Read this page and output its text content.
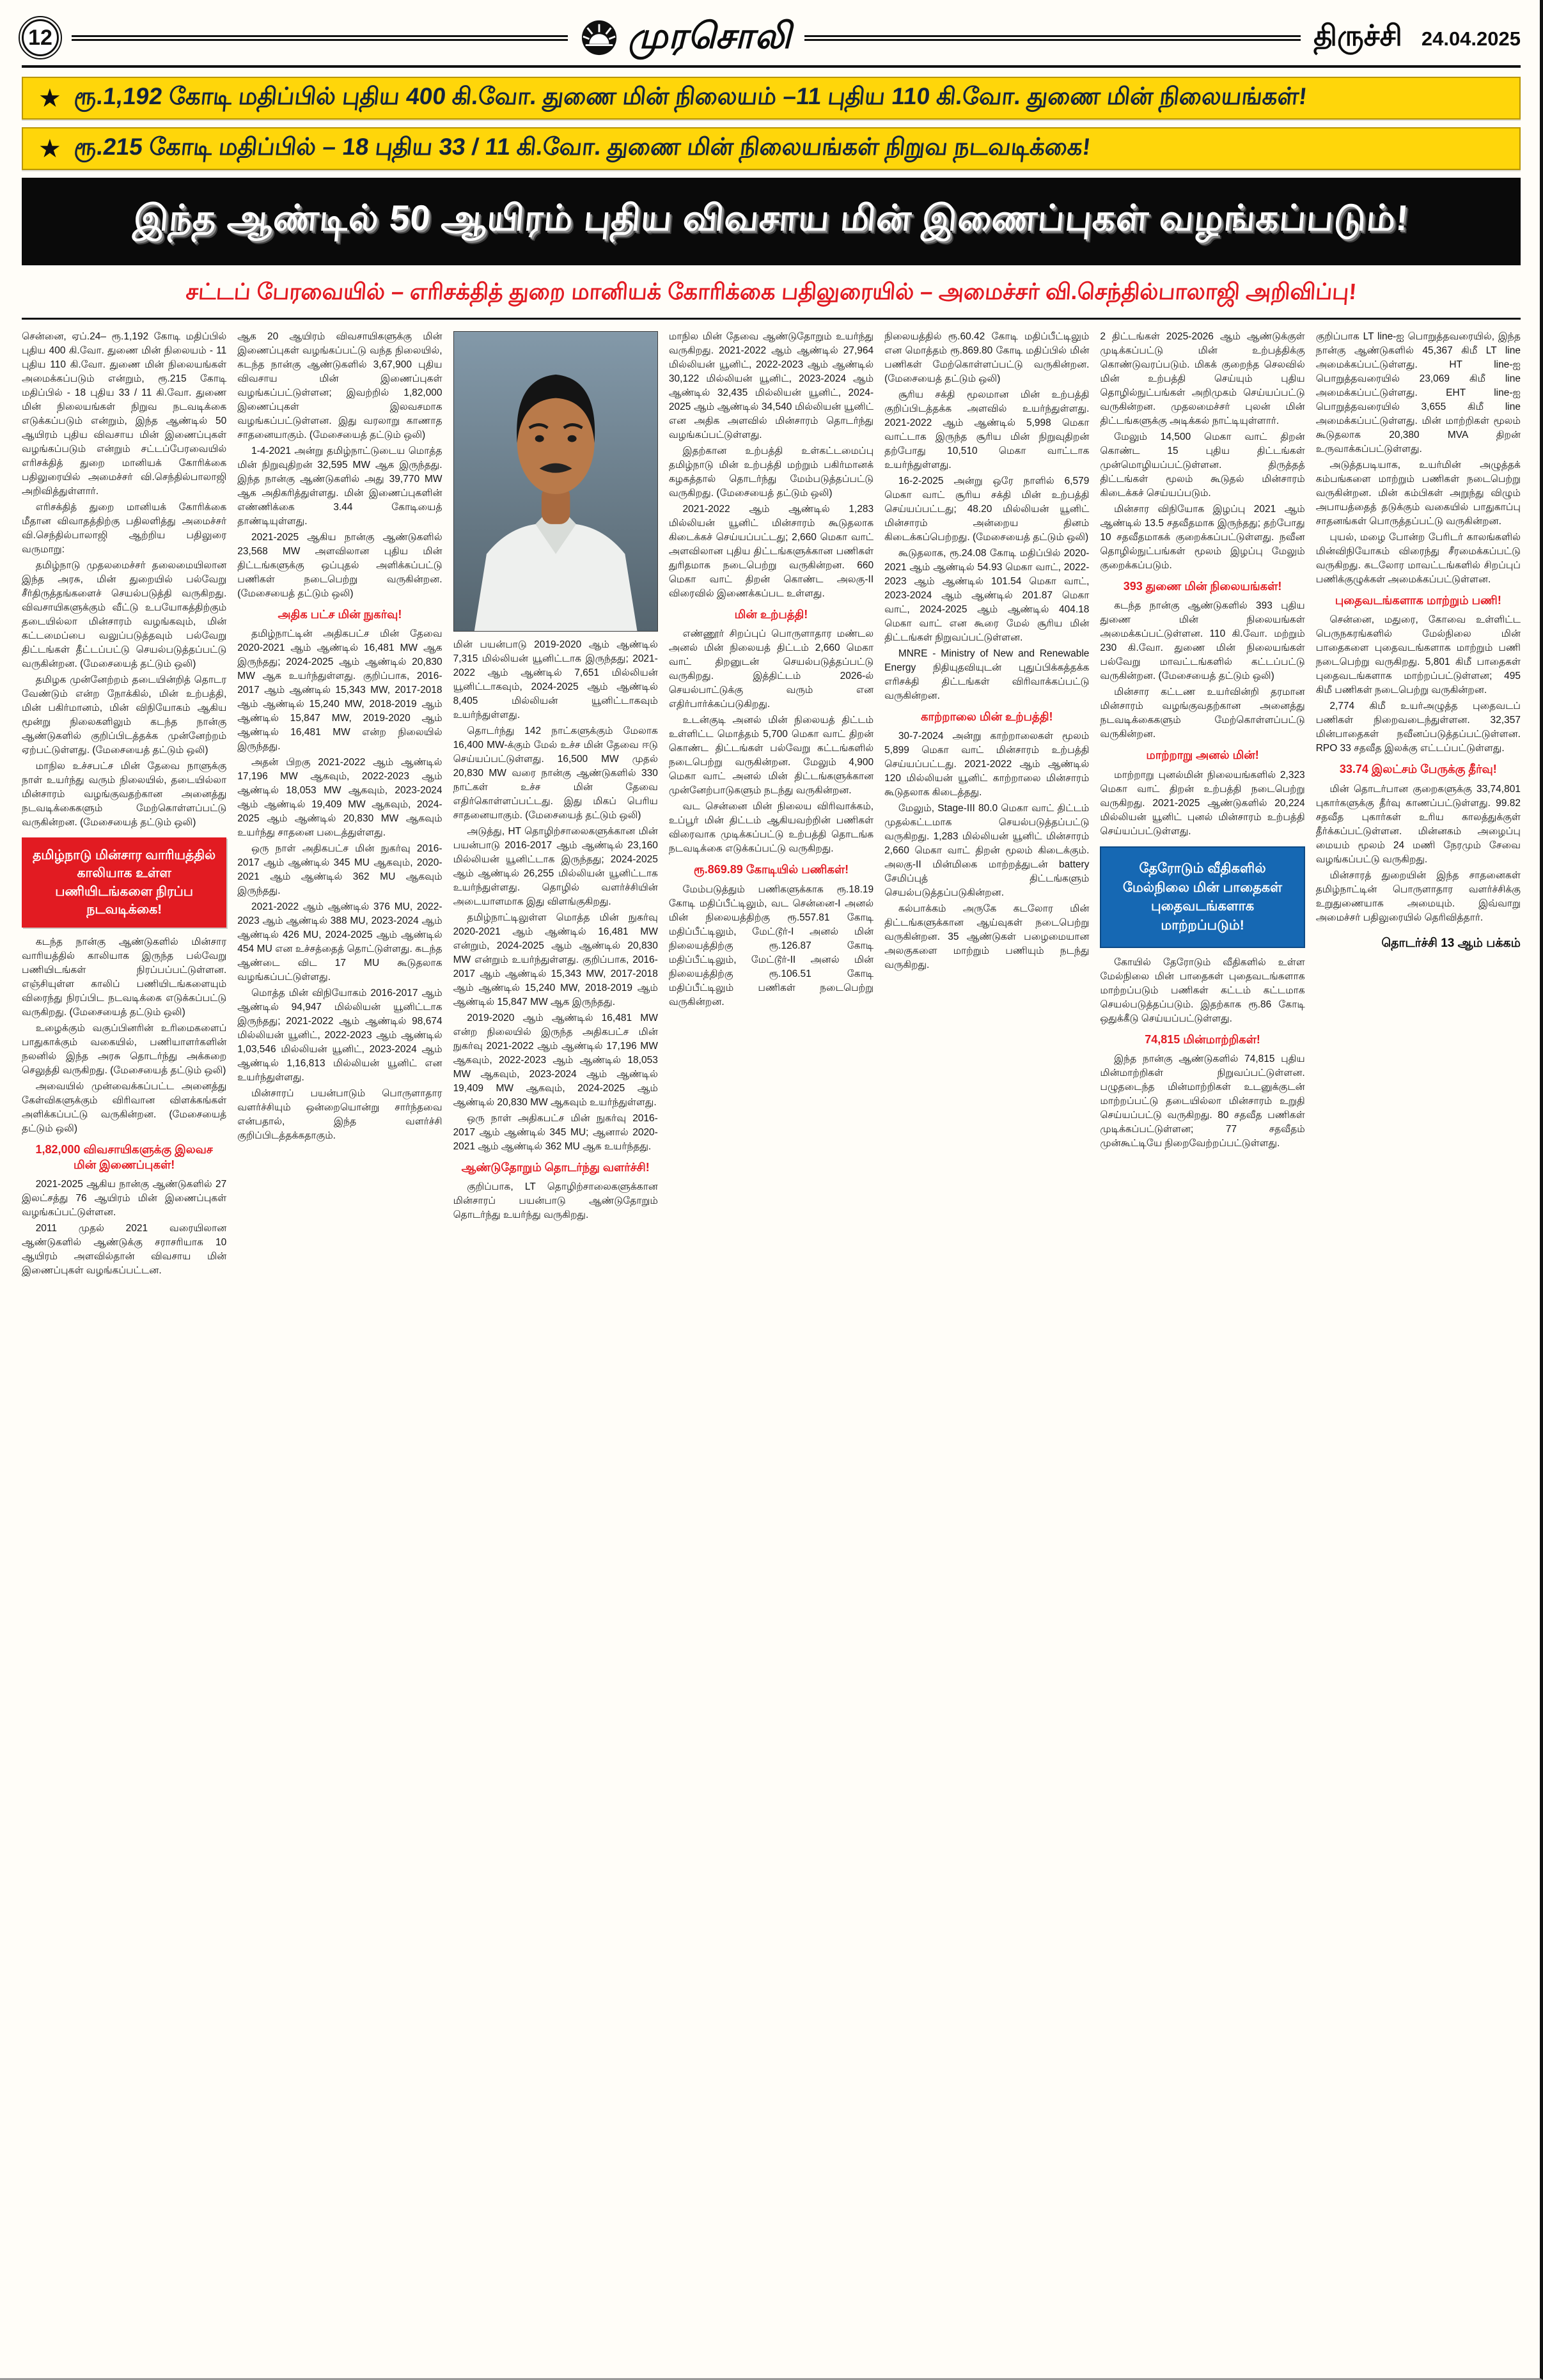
12	முரசொலி	திருச்சி 24.04.2025
★ ரூ.1,192 கோடி மதிப்பில் புதிய 400 கி.வோ. துணை மின் நிலையம் –11 புதிய 110 கி.வோ. துணை மின் நிலையங்கள்!
★ ரூ.215 கோடி மதிப்பில் – 18 புதிய 33 / 11 கி.வோ. துணை மின் நிலையங்கள் நிறுவ நடவடிக்கை!
இந்த ஆண்டில் 50 ஆயிரம் புதிய விவசாய மின் இணைப்புகள் வழங்கப்படும்!
சட்டப் பேரவையில் – எரிசக்தித் துறை மானியக் கோரிக்கை பதிலுரையில் – அமைச்சர் வி.செந்தில்பாலாஜி அறிவிப்பு!

சென்னை, ஏப்.24– ரூ.1,192 கோடி மதிப்பில் புதிய 400 கி.வோ. துணை மின் நிலையம் - 11 புதிய 110 கி.வோ. துணை மின் நிலையங்கள் அமைக்கப்படும் என்றும், ரூ.215 கோடி மதிப்பில் - 18 புதிய 33 / 11 கி.வோ. துணை மின் நிலையங்கள் நிறுவ நடவடிக்கை எடுக்கப்படும் என்றும், இந்த ஆண்டில் 50 ஆயிரம் புதிய விவசாய மின் இணைப்புகள் வழங்கப்படும் என்றும் சட்டப்பேரவையில் எரிசக்தித் துறை மானியக் கோரிக்கை பதிலுரையில் அமைச்சர் வி.செந்தில்பாலாஜி அறிவித்துள்ளார்.

எரிசக்தித் துறை மானியக் கோரிக்கை மீதான விவாதத்திற்கு பதிலளித்து அமைச்சர் வி.செந்தில்பாலாஜி ஆற்றிய பதிலுரை வருமாறு:

தமிழ்நாடு முதலமைச்சர் தலைமையிலான இந்த அரசு, மின் துறையில் பல்வேறு சீர்திருத்தங்களைச் செயல்படுத்தி வருகிறது. விவசாயிகளுக்கும் வீட்டு உபயோகத்திற்கும் தடையில்லா மின்சாரம் வழங்கவும், மின் கட்டமைப்பை வலுப்படுத்தவும் பல்வேறு திட்டங்கள் தீட்டப்பட்டு செயல்படுத்தப்பட்டு வருகின்றன. (மேசையைத் தட்டும் ஒலி)

தமிழக முன்னேற்றம் தடையின்றித் தொடர வேண்டும் என்ற நோக்கில், மின் உற்பத்தி, மின் பகிர்மானம், மின் விநியோகம் ஆகிய மூன்று நிலைகளிலும் கடந்த நான்கு ஆண்டுகளில் குறிப்பிடத்தக்க முன்னேற்றம் ஏற்பட்டுள்ளது. (மேசையைத் தட்டும் ஒலி)

மாநில உச்சபட்ச மின் தேவை நாளுக்கு நாள் உயர்ந்து வரும் நிலையில், தடையில்லா மின்சாரம் வழங்குவதற்கான அனைத்து நடவடிக்கைகளும் மேற்கொள்ளப்பட்டு வருகின்றன. (மேசையைத் தட்டும் ஒலி)

தமிழ்நாடு மின்சார வாரியத்தில் காலியாக உள்ள பணியிடங்களை நிரப்ப நடவடிக்கை!

கடந்த நான்கு ஆண்டுகளில் மின்சார வாரியத்தில் காலியாக இருந்த பல்வேறு பணியிடங்கள் நிரப்பப்பட்டுள்ளன. எஞ்சியுள்ள காலிப் பணியிடங்களையும் விரைந்து நிரப்பிட நடவடிக்கை எடுக்கப்பட்டு வருகிறது. (மேசையைத் தட்டும் ஒலி)

உழைக்கும் வகுப்பினரின் உரிமைகளைப் பாதுகாக்கும் வகையில், பணியாளர்களின் நலனில் இந்த அரசு தொடர்ந்து அக்கறை செலுத்தி வருகிறது. (மேசையைத் தட்டும் ஒலி)

அவையில் முன்வைக்கப்பட்ட அனைத்து கேள்விகளுக்கும் விரிவான விளக்கங்கள் அளிக்கப்பட்டு வருகின்றன. (மேசையைத் தட்டும் ஒலி)

1,82,000 விவசாயிகளுக்கு இலவச மின் இணைப்புகள்!

2021-2025 ஆகிய நான்கு ஆண்டுகளில் 27 இலட்சத்து 76 ஆயிரம் மின் இணைப்புகள் வழங்கப்பட்டுள்ளன.

2011 முதல் 2021 வரையிலான ஆண்டுகளில் ஆண்டுக்கு சராசரியாக 10 ஆயிரம் அளவில்தான் விவசாய மின் இணைப்புகள் வழங்கப்பட்டன.

ஆக 20 ஆயிரம் விவசாயிகளுக்கு மின் இணைப்புகள் வழங்கப்பட்டு வந்த நிலையில், கடந்த நான்கு ஆண்டுகளில் 3,67,900 புதிய விவசாய மின் இணைப்புகள் வழங்கப்பட்டுள்ளன; இவற்றில் 1,82,000 இணைப்புகள் இலவசமாக வழங்கப்பட்டுள்ளன. இது வரலாறு காணாத சாதனையாகும். (மேசையைத் தட்டும் ஒலி)

1-4-2021 அன்று தமிழ்நாட்டுடைய மொத்த மின் நிறுவுதிறன் 32,595 MW ஆக இருந்தது. இந்த நான்கு ஆண்டுகளில் அது 39,770 MW ஆக அதிகரித்துள்ளது. மின் இணைப்புகளின் எண்ணிக்கை 3.44 கோடியைத் தாண்டியுள்ளது.

2021-2025 ஆகிய நான்கு ஆண்டுகளில் 23,568 MW அளவிலான புதிய மின் திட்டங்களுக்கு ஒப்புதல் அளிக்கப்பட்டு பணிகள் நடைபெற்று வருகின்றன. (மேசையைத் தட்டும் ஒலி)

அதிக பட்ச மின் நுகர்வு!

தமிழ்நாட்டின் அதிகபட்ச மின் தேவை 2020-2021 ஆம் ஆண்டில் 16,481 MW ஆக இருந்தது; 2024-2025 ஆம் ஆண்டில் 20,830 MW ஆக உயர்ந்துள்ளது. குறிப்பாக, 2016-2017 ஆம் ஆண்டில் 15,343 MW, 2017-2018 ஆம் ஆண்டில் 15,240 MW, 2018-2019 ஆம் ஆண்டில் 15,847 MW, 2019-2020 ஆம் ஆண்டில் 16,481 MW என்ற நிலையில் இருந்தது.

அதன் பிறகு 2021-2022 ஆம் ஆண்டில் 17,196 MW ஆகவும், 2022-2023 ஆம் ஆண்டில் 18,053 MW ஆகவும், 2023-2024 ஆம் ஆண்டில் 19,409 MW ஆகவும், 2024-2025 ஆம் ஆண்டில் 20,830 MW ஆகவும் உயர்ந்து சாதனை படைத்துள்ளது.

ஒரு நாள் அதிகபட்ச மின் நுகர்வு 2016-2017 ஆம் ஆண்டில் 345 MU ஆகவும், 2020-2021 ஆம் ஆண்டில் 362 MU ஆகவும் இருந்தது.

2021-2022 ஆம் ஆண்டில் 376 MU, 2022-2023 ஆம் ஆண்டில் 388 MU, 2023-2024 ஆம் ஆண்டில் 426 MU, 2024-2025 ஆம் ஆண்டில் 454 MU என உச்சத்தைத் தொட்டுள்ளது. கடந்த ஆண்டை விட 17 MU கூடுதலாக வழங்கப்பட்டுள்ளது.

மொத்த மின் விநியோகம் 2016-2017 ஆம் ஆண்டில் 94,947 மில்லியன் யூனிட்டாக இருந்தது; 2021-2022 ஆம் ஆண்டில் 98,674 மில்லியன் யூனிட், 2022-2023 ஆம் ஆண்டில் 1,03,546 மில்லியன் யூனிட், 2023-2024 ஆம் ஆண்டில் 1,16,813 மில்லியன் யூனிட் என உயர்ந்துள்ளது.

மின்சாரப் பயன்பாடும் பொருளாதார வளர்ச்சியும் ஒன்றையொன்று சார்ந்தவை என்பதால், இந்த வளர்ச்சி குறிப்பிடத்தக்கதாகும்.

மின் பயன்பாடு 2019-2020 ஆம் ஆண்டில் 7,315 மில்லியன் யூனிட்டாக இருந்தது; 2021-2022 ஆம் ஆண்டில் 7,651 மில்லியன் யூனிட்டாகவும், 2024-2025 ஆம் ஆண்டில் 8,405 மில்லியன் யூனிட்டாகவும் உயர்ந்துள்ளது.

தொடர்ந்து 142 நாட்களுக்கும் மேலாக 16,400 MW-க்கும் மேல் உச்ச மின் தேவை ஈடு செய்யப்பட்டுள்ளது. 16,500 MW முதல் 20,830 MW வரை நான்கு ஆண்டுகளில் 330 நாட்கள் உச்ச மின் தேவை எதிர்கொள்ளப்பட்டது. இது மிகப் பெரிய சாதனையாகும். (மேசையைத் தட்டும் ஒலி)

அடுத்து, HT தொழிற்சாலைகளுக்கான மின் பயன்பாடு 2016-2017 ஆம் ஆண்டில் 23,160 மில்லியன் யூனிட்டாக இருந்தது; 2024-2025 ஆம் ஆண்டில் 26,255 மில்லியன் யூனிட்டாக உயர்ந்துள்ளது. தொழில் வளர்ச்சியின் அடையாளமாக இது விளங்குகிறது.

தமிழ்நாட்டிலுள்ள மொத்த மின் நுகர்வு 2020-2021 ஆம் ஆண்டில் 16,481 MW என்றும், 2024-2025 ஆம் ஆண்டில் 20,830 MW என்றும் உயர்ந்துள்ளது. குறிப்பாக, 2016-2017 ஆம் ஆண்டில் 15,343 MW, 2017-2018 ஆம் ஆண்டில் 15,240 MW, 2018-2019 ஆம் ஆண்டில் 15,847 MW ஆக இருந்தது.

2019-2020 ஆம் ஆண்டில் 16,481 MW என்ற நிலையில் இருந்த அதிகபட்ச மின் நுகர்வு 2021-2022 ஆம் ஆண்டில் 17,196 MW ஆகவும், 2022-2023 ஆம் ஆண்டில் 18,053 MW ஆகவும், 2023-2024 ஆம் ஆண்டில் 19,409 MW ஆகவும், 2024-2025 ஆம் ஆண்டில் 20,830 MW ஆகவும் உயர்ந்துள்ளது.

ஒரு நாள் அதிகபட்ச மின் நுகர்வு 2016-2017 ஆம் ஆண்டில் 345 MU; ஆனால் 2020-2021 ஆம் ஆண்டில் 362 MU ஆக உயர்ந்தது.

ஆண்டுதோறும் தொடர்ந்து வளர்ச்சி!

குறிப்பாக, LT தொழிற்சாலைகளுக்கான மின்சாரப் பயன்பாடு ஆண்டுதோறும் தொடர்ந்து உயர்ந்து வருகிறது.

மாநில மின் தேவை ஆண்டுதோறும் உயர்ந்து வருகிறது. 2021-2022 ஆம் ஆண்டில் 27,964 மில்லியன் யூனிட், 2022-2023 ஆம் ஆண்டில் 30,122 மில்லியன் யூனிட், 2023-2024 ஆம் ஆண்டில் 32,435 மில்லியன் யூனிட், 2024-2025 ஆம் ஆண்டில் 34,540 மில்லியன் யூனிட் என அதிக அளவில் மின்சாரம் தொடர்ந்து வழங்கப்பட்டுள்ளது.

இதற்கான உற்பத்தி உள்கட்டமைப்பு தமிழ்நாடு மின் உற்பத்தி மற்றும் பகிர்மானக் கழகத்தால் தொடர்ந்து மேம்படுத்தப்பட்டு வருகிறது. (மேசையைத் தட்டும் ஒலி)

2021-2022 ஆம் ஆண்டில் 1,283 மில்லியன் யூனிட் மின்சாரம் கூடுதலாக கிடைக்கச் செய்யப்பட்டது; 2,660 மெகா வாட் அளவிலான புதிய திட்டங்களுக்கான பணிகள் துரிதமாக நடைபெற்று வருகின்றன. 660 மெகா வாட் திறன் கொண்ட அலகு-II விரைவில் இணைக்கப்பட உள்ளது.

மின் உற்பத்தி!

எண்ணூர் சிறப்புப் பொருளாதார மண்டல அனல் மின் நிலையத் திட்டம் 2,660 மெகா வாட் திறனுடன் செயல்படுத்தப்பட்டு வருகிறது. இத்திட்டம் 2026-ல் செயல்பாட்டுக்கு வரும் என எதிர்பார்க்கப்படுகிறது.

உடன்குடி அனல் மின் நிலையத் திட்டம் உள்ளிட்ட மொத்தம் 5,700 மெகா வாட் திறன் கொண்ட திட்டங்கள் பல்வேறு கட்டங்களில் நடைபெற்று வருகின்றன. மேலும் 4,900 மெகா வாட் அனல் மின் திட்டங்களுக்கான முன்னேற்பாடுகளும் நடந்து வருகின்றன.

வட சென்னை மின் நிலைய விரிவாக்கம், உப்பூர் மின் திட்டம் ஆகியவற்றின் பணிகள் விரைவாக முடிக்கப்பட்டு உற்பத்தி தொடங்க நடவடிக்கை எடுக்கப்பட்டு வருகிறது.

ரூ.869.89 கோடியில் பணிகள்!

மேம்படுத்தும் பணிகளுக்காக ரூ.18.19 கோடி மதிப்பீட்டிலும், வட சென்னை-I அனல் மின் நிலையத்திற்கு ரூ.557.81 கோடி மதிப்பீட்டிலும், மேட்டூர்-I அனல் மின் நிலையத்திற்கு ரூ.126.87 கோடி மதிப்பீட்டிலும், மேட்டூர்-II அனல் மின் நிலையத்திற்கு ரூ.106.51 கோடி மதிப்பீட்டிலும் பணிகள் நடைபெற்று வருகின்றன.

நிலையத்தில் ரூ.60.42 கோடி மதிப்பீட்டிலும் என மொத்தம் ரூ.869.80 கோடி மதிப்பில் மின் பணிகள் மேற்கொள்ளப்பட்டு வருகின்றன. (மேசையைத் தட்டும் ஒலி)

சூரிய சக்தி மூலமான மின் உற்பத்தி குறிப்பிடத்தக்க அளவில் உயர்ந்துள்ளது. 2021-2022 ஆம் ஆண்டில் 5,998 மெகா வாட்டாக இருந்த சூரிய மின் நிறுவுதிறன் தற்போது 10,510 மெகா வாட்டாக உயர்ந்துள்ளது.

16-2-2025 அன்று ஒரே நாளில் 6,579 மெகா வாட் சூரிய சக்தி மின் உற்பத்தி செய்யப்பட்டது; 48.20 மில்லியன் யூனிட் மின்சாரம் அன்றைய தினம் கிடைக்கப்பெற்றது. (மேசையைத் தட்டும் ஒலி)

கூடுதலாக, ரூ.24.08 கோடி மதிப்பில் 2020-2021 ஆம் ஆண்டில் 54.93 மெகா வாட், 2022-2023 ஆம் ஆண்டில் 101.54 மெகா வாட், 2023-2024 ஆம் ஆண்டில் 201.87 மெகா வாட், 2024-2025 ஆம் ஆண்டில் 404.18 மெகா வாட் என கூரை மேல் சூரிய மின் திட்டங்கள் நிறுவப்பட்டுள்ளன.

MNRE - Ministry of New and Renewable Energy நிதியுதவியுடன் புதுப்பிக்கத்தக்க எரிசக்தி திட்டங்கள் விரிவாக்கப்பட்டு வருகின்றன.

காற்றாலை மின் உற்பத்தி!

30-7-2024 அன்று காற்றாலைகள் மூலம் 5,899 மெகா வாட் மின்சாரம் உற்பத்தி செய்யப்பட்டது. 2021-2022 ஆம் ஆண்டில் 120 மில்லியன் யூனிட் காற்றாலை மின்சாரம் கூடுதலாக கிடைத்தது.

மேலும், Stage-III 80.0 மெகா வாட் திட்டம் முதல்கட்டமாக செயல்படுத்தப்பட்டு வருகிறது. 1,283 மில்லியன் யூனிட் மின்சாரம் 2,660 மெகா வாட் திறன் மூலம் கிடைக்கும். அலகு-II மின்மிகை மாற்றத்துடன் battery சேமிப்புத் திட்டங்களும் செயல்படுத்தப்படுகின்றன.

கல்பாக்கம் அருகே கடலோர மின் திட்டங்களுக்கான ஆய்வுகள் நடைபெற்று வருகின்றன. 35 ஆண்டுகள் பழைமையான அலகுகளை மாற்றும் பணியும் நடந்து வருகிறது.

2 திட்டங்கள் 2025-2026 ஆம் ஆண்டுக்குள் முடிக்கப்பட்டு மின் உற்பத்திக்கு கொண்டுவரப்படும். மிகக் குறைந்த செலவில் மின் உற்பத்தி செய்யும் புதிய தொழில்நுட்பங்கள் அறிமுகம் செய்யப்பட்டு வருகின்றன. முதலமைச்சர் புலன் மின் திட்டங்களுக்கு அடிக்கல் நாட்டியுள்ளார்.

மேலும் 14,500 மெகா வாட் திறன் கொண்ட 15 புதிய திட்டங்கள் முன்மொழியப்பட்டுள்ளன. திருத்தத் திட்டங்கள் மூலம் கூடுதல் மின்சாரம் கிடைக்கச் செய்யப்படும்.

மின்சார விநியோக இழப்பு 2021 ஆம் ஆண்டில் 13.5 சதவீதமாக இருந்தது; தற்போது 10 சதவீதமாகக் குறைக்கப்பட்டுள்ளது. நவீன தொழில்நுட்பங்கள் மூலம் இழப்பு மேலும் குறைக்கப்படும்.

393 துணை மின் நிலையங்கள்!

கடந்த நான்கு ஆண்டுகளில் 393 புதிய துணை மின் நிலையங்கள் அமைக்கப்பட்டுள்ளன. 110 கி.வோ. மற்றும் 230 கி.வோ. துணை மின் நிலையங்கள் பல்வேறு மாவட்டங்களில் கட்டப்பட்டு வருகின்றன. (மேசையைத் தட்டும் ஒலி)

மின்சார கட்டண உயர்வின்றி தரமான மின்சாரம் வழங்குவதற்கான அனைத்து நடவடிக்கைகளும் மேற்கொள்ளப்பட்டு வருகின்றன.

மாற்றாறு அனல் மின்!

மாற்றாறு புனல்மின் நிலையங்களில் 2,323 மெகா வாட் திறன் உற்பத்தி நடைபெற்று வருகிறது. 2021-2025 ஆண்டுகளில் 20,224 மில்லியன் யூனிட் புனல் மின்சாரம் உற்பத்தி செய்யப்பட்டுள்ளது.

தேரோடும் வீதிகளில் மேல்நிலை மின் பாதைகள் புதைவடங்களாக மாற்றப்படும்!

கோயில் தேரோடும் வீதிகளில் உள்ள மேல்நிலை மின் பாதைகள் புதைவடங்களாக மாற்றப்படும் பணிகள் கட்டம் கட்டமாக செயல்படுத்தப்படும். இதற்காக ரூ.86 கோடி ஒதுக்கீடு செய்யப்பட்டுள்ளது.

74,815 மின்மாற்றிகள்!

இந்த நான்கு ஆண்டுகளில் 74,815 புதிய மின்மாற்றிகள் நிறுவப்பட்டுள்ளன. பழுதடைந்த மின்மாற்றிகள் உடனுக்குடன் மாற்றப்பட்டு தடையில்லா மின்சாரம் உறுதி செய்யப்பட்டு வருகிறது. 80 சதவீத பணிகள் முடிக்கப்பட்டுள்ளன; 77 சதவீதம் முன்கூட்டியே நிறைவேற்றப்பட்டுள்ளது.

குறிப்பாக LT line-ஐ பொறுத்தவரையில், இந்த நான்கு ஆண்டுகளில் 45,367 கிமீ LT line அமைக்கப்பட்டுள்ளது. HT line-ஐ பொறுத்தவரையில் 23,069 கிமீ line அமைக்கப்பட்டுள்ளது. EHT line-ஐ பொறுத்தவரையில் 3,655 கிமீ line அமைக்கப்பட்டுள்ளது. மின் மாற்றிகள் மூலம் கூடுதலாக 20,380 MVA திறன் உருவாக்கப்பட்டுள்ளது.

அடுத்தபடியாக, உயர்மின் அழுத்தக் கம்பங்களை மாற்றும் பணிகள் நடைபெற்று வருகின்றன. மின் கம்பிகள் அறுந்து விழும் அபாயத்தைத் தடுக்கும் வகையில் பாதுகாப்பு சாதனங்கள் பொருத்தப்பட்டு வருகின்றன.

புயல், மழை போன்ற பேரிடர் காலங்களில் மின்விநியோகம் விரைந்து சீரமைக்கப்பட்டு வருகிறது. கடலோர மாவட்டங்களில் சிறப்புப் பணிக்குழுக்கள் அமைக்கப்பட்டுள்ளன.

புதைவடங்களாக மாற்றும் பணி!

சென்னை, மதுரை, கோவை உள்ளிட்ட பெருநகரங்களில் மேல்நிலை மின் பாதைகளை புதைவடங்களாக மாற்றும் பணி நடைபெற்று வருகிறது. 5,801 கிமீ பாதைகள் புதைவடங்களாக மாற்றப்பட்டுள்ளன; 495 கிமீ பணிகள் நடைபெற்று வருகின்றன.

2,774 கிமீ உயர்அழுத்த புதைவடப் பணிகள் நிறைவடைந்துள்ளன. 32,357 மின்பாதைகள் நவீனப்படுத்தப்பட்டுள்ளன. RPO 33 சதவீத இலக்கு எட்டப்பட்டுள்ளது.

33.74 இலட்சம் பேருக்கு தீர்வு!

மின் தொடர்பான குறைகளுக்கு 33,74,801 புகார்களுக்கு தீர்வு காணப்பட்டுள்ளது. 99.82 சதவீத புகார்கள் உரிய காலத்துக்குள் தீர்க்கப்பட்டுள்ளன. மின்னகம் அழைப்பு மையம் மூலம் 24 மணி நேரமும் சேவை வழங்கப்பட்டு வருகிறது.

மின்சாரத் துறையின் இந்த சாதனைகள் தமிழ்நாட்டின் பொருளாதார வளர்ச்சிக்கு உறுதுணையாக அமையும். இவ்வாறு அமைச்சர் பதிலுரையில் தெரிவித்தார்.

தொடர்ச்சி 13 ஆம் பக்கம்
